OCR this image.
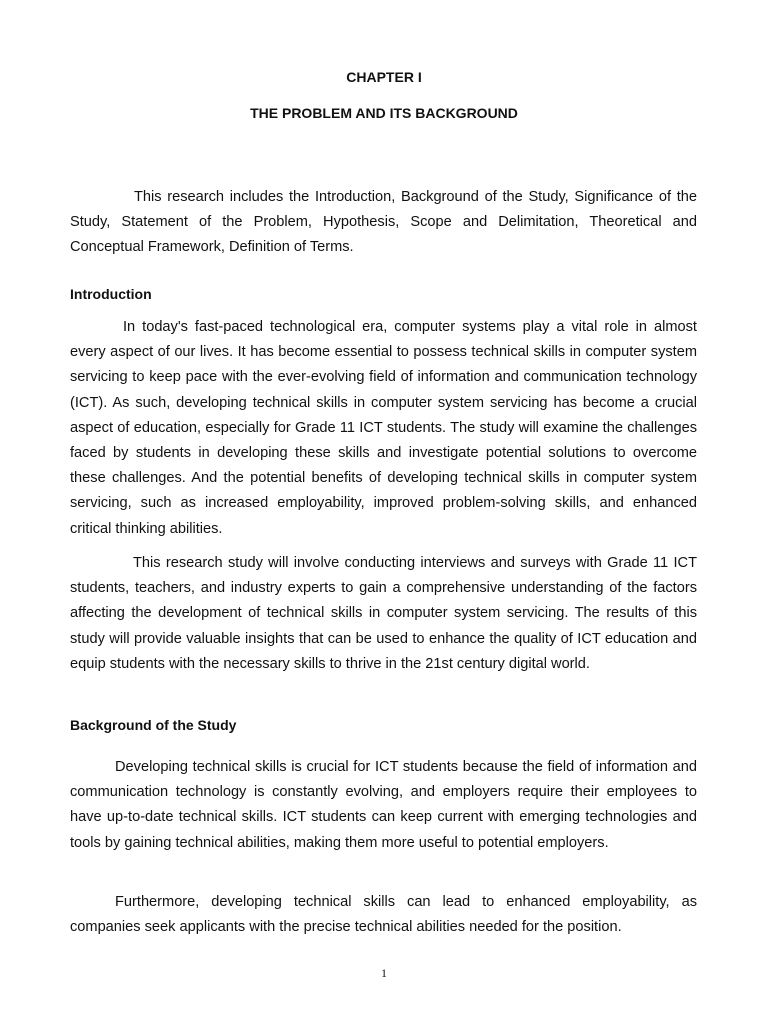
CHAPTER I

THE PROBLEM AND ITS BACKGROUND

This research includes the Introduction, Background of the Study, Significance of the Study, Statement of the Problem, Hypothesis, Scope and Delimitation, Theoretical and Conceptual Framework, Definition of Terms.

Introduction

In today's fast-paced technological era, computer systems play a vital role in almost every aspect of our lives. It has become essential to possess technical skills in computer system servicing to keep pace with the ever-evolving field of information and communication technology (ICT). As such, developing technical skills in computer system servicing has become a crucial aspect of education, especially for Grade 11 ICT students. The study will examine the challenges faced by students in developing these skills and investigate potential solutions to overcome these challenges. And the potential benefits of developing technical skills in computer system servicing, such as increased employability, improved problem-solving skills, and enhanced critical thinking abilities.

This research study will involve conducting interviews and surveys with Grade 11 ICT students, teachers, and industry experts to gain a comprehensive understanding of the factors affecting the development of technical skills in computer system servicing. The results of this study will provide valuable insights that can be used to enhance the quality of ICT education and equip students with the necessary skills to thrive in the 21st century digital world.

Background of the Study

Developing technical skills is crucial for ICT students because the field of information and communication technology is constantly evolving, and employers require their employees to have up-to-date technical skills. ICT students can keep current with emerging technologies and tools by gaining technical abilities, making them more useful to potential employers.

Furthermore, developing technical skills can lead to enhanced employability, as companies seek applicants with the precise technical abilities needed for the position.

1
